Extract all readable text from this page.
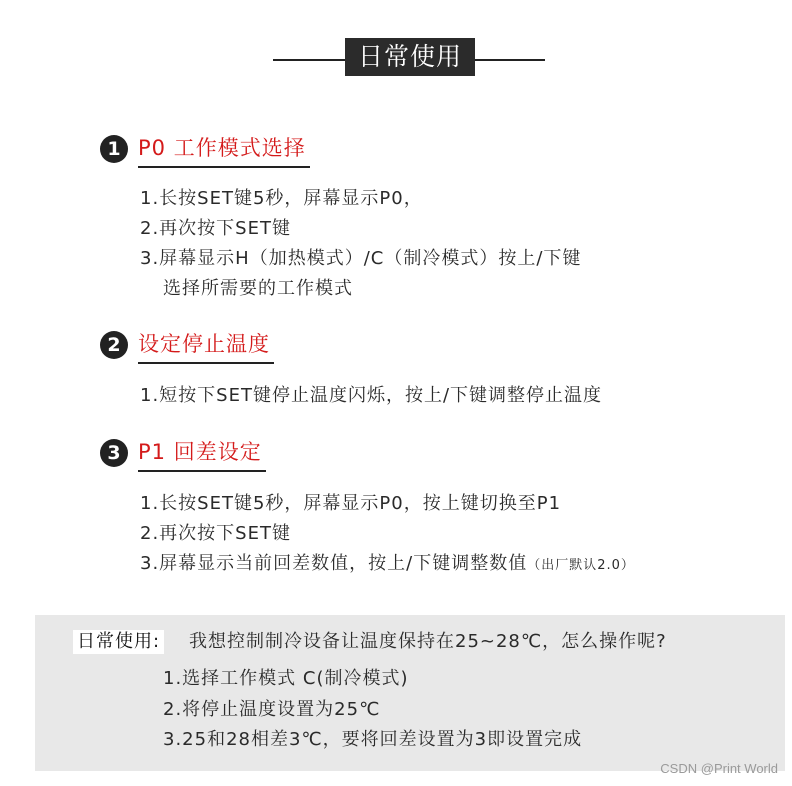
日常使用
1 P0 工作模式选择
1.长按SET键5秒，屏幕显示P0，
2.再次按下SET键
3.屏幕显示H（加热模式）/C（制冷模式）按上/下键
选择所需要的工作模式
2 设定停止温度
1.短按下SET键停止温度闪烁，按上/下键调整停止温度
3 P1 回差设定
1.长按SET键5秒，屏幕显示P0，按上键切换至P1
2.再次按下SET键
3.屏幕显示当前回差数值，按上/下键调整数值（出厂默认2.0）
日常使用: 我想控制制冷设备让温度保持在25~28℃，怎么操作呢?
1.选择工作模式 C(制冷模式)
2.将停止温度设置为25℃
3.25和28相差3℃，要将回差设置为3即设置完成
CSDN @Print World
